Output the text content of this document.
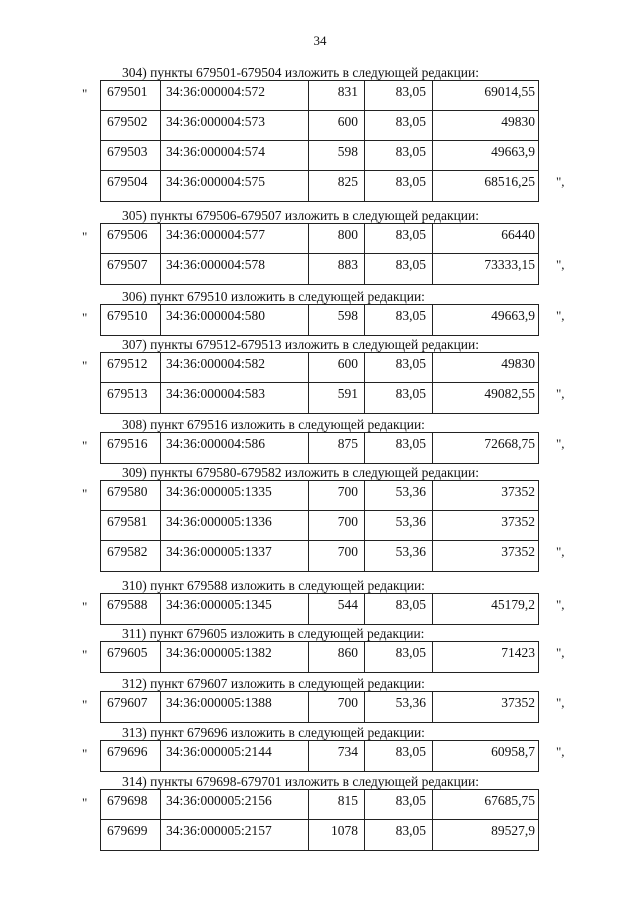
34
304) пункты 679501-679504 изложить в следующей редакции:
"	679501	34:36:000004:572	831	83,05	69014,55
679502	34:36:000004:573	600	83,05	49830
679503	34:36:000004:574	598	83,05	49663,9
679504	34:36:000004:575	825	83,05	68516,25	",
305) пункты 679506-679507 изложить в следующей редакции:
"	679506	34:36:000004:577	800	83,05	66440
679507	34:36:000004:578	883	83,05	73333,15	",
306) пункт 679510 изложить в следующей редакции:
"	679510	34:36:000004:580	598	83,05	49663,9	",
307) пункты 679512-679513 изложить в следующей редакции:
"	679512	34:36:000004:582	600	83,05	49830
679513	34:36:000004:583	591	83,05	49082,55	",
308) пункт 679516 изложить в следующей редакции:
"	679516	34:36:000004:586	875	83,05	72668,75	",
309) пункты 679580-679582 изложить в следующей редакции:
"	679580	34:36:000005:1335	700	53,36	37352
679581	34:36:000005:1336	700	53,36	37352
679582	34:36:000005:1337	700	53,36	37352	",
310) пункт 679588 изложить в следующей редакции:
"	679588	34:36:000005:1345	544	83,05	45179,2	",
311) пункт 679605 изложить в следующей редакции:
"	679605	34:36:000005:1382	860	83,05	71423	",
312) пункт 679607 изложить в следующей редакции:
"	679607	34:36:000005:1388	700	53,36	37352	",
313) пункт 679696 изложить в следующей редакции:
"	679696	34:36:000005:2144	734	83,05	60958,7	",
314) пункты 679698-679701 изложить в следующей редакции:
"	679698	34:36:000005:2156	815	83,05	67685,75
679699	34:36:000005:2157	1078	83,05	89527,9
